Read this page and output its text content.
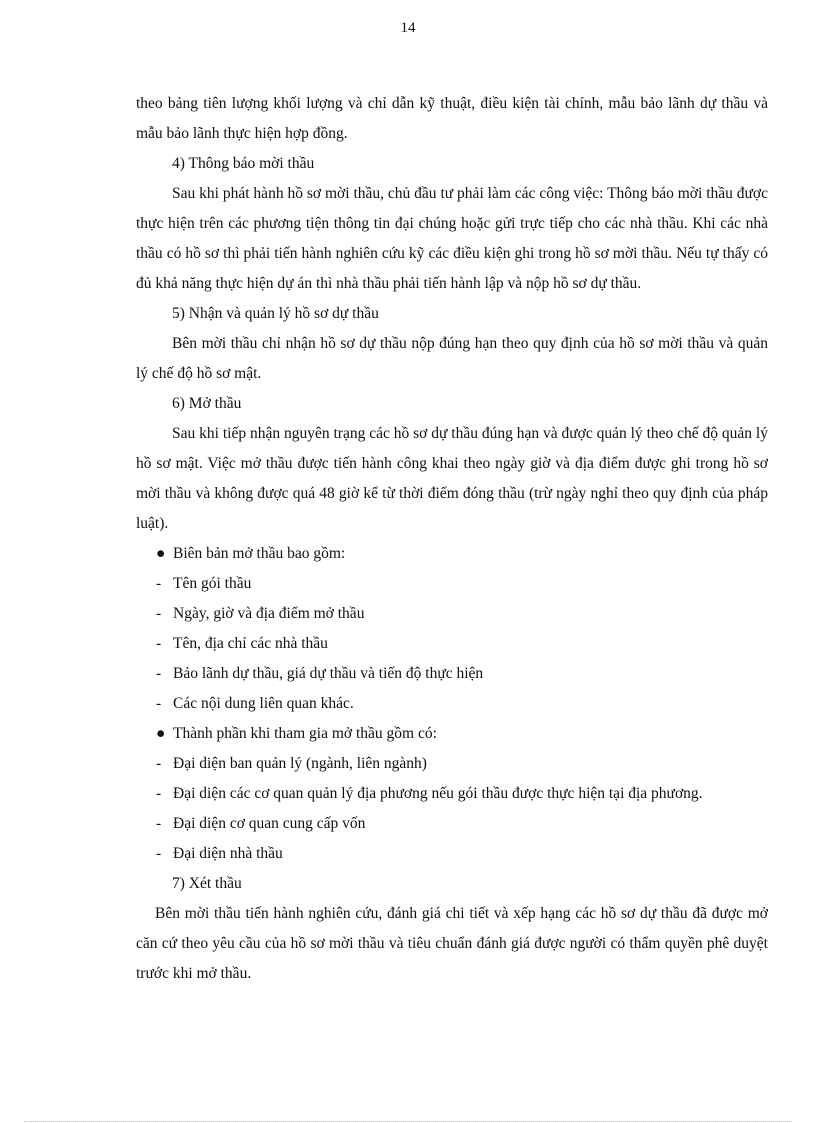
14

theo bảng tiên lượng khối lượng và chỉ dẫn kỹ thuật, điều kiện tài chính, mẫu bảo lãnh dự thầu và mẫu bảo lãnh thực hiện hợp đồng.

4) Thông báo mời thầu

Sau khi phát hành hồ sơ mời thầu, chủ đầu tư phải làm các công việc: Thông báo mời thầu được thực hiện trên các phương tiện thông tin đại chúng hoặc gửi trực tiếp cho các nhà thầu. Khi các nhà thầu có hồ sơ thì phải tiến hành nghiên cứu kỹ các điều kiện ghi trong hồ sơ mời thầu. Nếu tự thấy có đủ khả năng thực hiện dự án thì nhà thầu phải tiến hành lập và nộp hồ sơ dự thầu.

5) Nhận và quản lý hồ sơ dự thầu

Bên mời thầu chỉ nhận hồ sơ dự thầu nộp đúng hạn theo quy định của hồ sơ mời thầu và quản lý chế độ hồ sơ mật.

6) Mở thầu

Sau khi tiếp nhận nguyên trạng các hồ sơ dự thầu đúng hạn và được quản lý theo chế độ quản lý hồ sơ mật. Việc mở thầu được tiến hành công khai theo ngày giờ và địa điểm được ghi trong hồ sơ mời thầu và không được quá 48 giờ kể từ thời điểm đóng thầu (trừ ngày nghỉ theo quy định của pháp luật).

● Biên bản mở thầu bao gồm:

- Tên gói thầu

- Ngày, giờ và địa điểm mở thầu

- Tên, địa chỉ các nhà thầu

- Bảo lãnh dự thầu, giá dự thầu và tiến độ thực hiện

- Các nội dung liên quan khác.

● Thành phần khi tham gia mở thầu gồm có:

- Đại diện ban quản lý (ngành, liên ngành)

- Đại diện các cơ quan quản lý địa phương nếu gói thầu được thực hiện tại địa phương.

- Đại diện cơ quan cung cấp vốn

- Đại diện nhà thầu

7) Xét thầu

Bên mời thầu tiến hành nghiên cứu, đánh giá chi tiết và xếp hạng các hồ sơ dự thầu đã được mở căn cứ theo yêu cầu của hồ sơ mời thầu và tiêu chuẩn đánh giá được người có thẩm quyền phê duyệt trước khi mở thầu.
